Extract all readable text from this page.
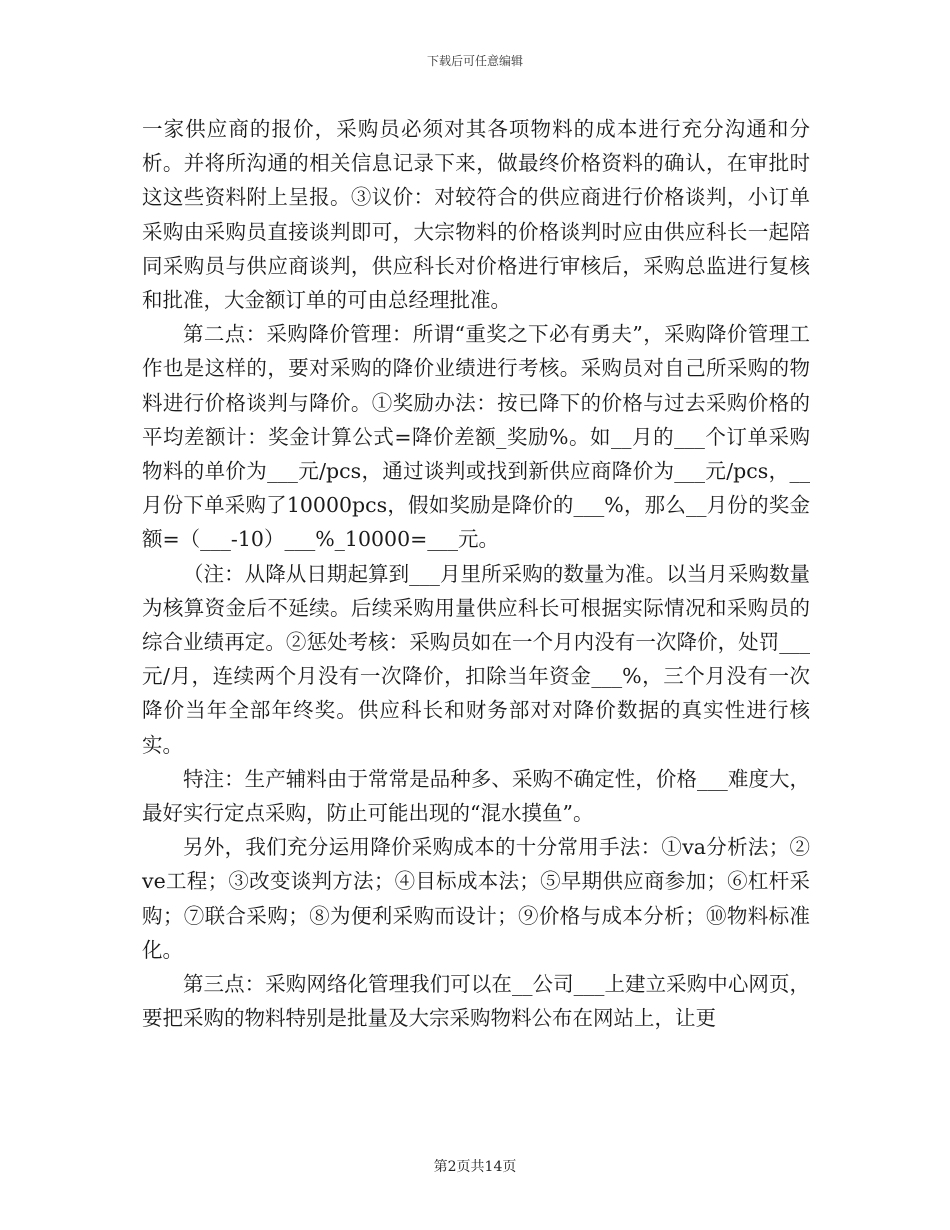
下载后可任意编辑

一家供应商的报价，采购员必须对其各项物料的成本进行充分沟通和分析。并将所沟通的相关信息记录下来，做最终价格资料的确认，在审批时这这些资料附上呈报。③议价：对较符合的供应商进行价格谈判，小订单采购由采购员直接谈判即可，大宗物料的价格谈判时应由供应科长一起陪同采购员与供应商谈判，供应科长对价格进行审核后，采购总监进行复核和批准，大金额订单的可由总经理批准。

第二点：采购降价管理：所谓“重奖之下必有勇夫”，采购降价管理工作也是这样的，要对采购的降价业绩进行考核。采购员对自己所采购的物料进行价格谈判与降价。①奖励办法：按已降下的价格与过去采购价格的平均差额计：奖金计算公式=降价差额_奖励%。如__月的___个订单采购物料的单价为___元/pcs，通过谈判或找到新供应商降价为___元/pcs，__月份下单采购了10000pcs，假如奖励是降价的___%，那么__月份的奖金额=（___-10）___%_10000=___元。

（注：从降从日期起算到___月里所采购的数量为准。以当月采购数量为核算资金后不延续。后续采购用量供应科长可根据实际情况和采购员的综合业绩再定。②惩处考核：采购员如在一个月内没有一次降价，处罚___元/月，连续两个月没有一次降价，扣除当年资金___%，三个月没有一次降价当年全部年终奖。供应科长和财务部对对降价数据的真实性进行核实。

特注：生产辅料由于常常是品种多、采购不确定性，价格___难度大，最好实行定点采购，防止可能出现的“混水摸鱼”。

另外，我们充分运用降价采购成本的十分常用手法：①va分析法；②ve工程；③改变谈判方法；④目标成本法；⑤早期供应商参加；⑥杠杆采购；⑦联合采购；⑧为便利采购而设计；⑨价格与成本分析；⑩物料标准化。

第三点：采购网络化管理我们可以在__公司___上建立采购中心网页，要把采购的物料特别是批量及大宗采购物料公布在网站上，让更

第2页共14页
